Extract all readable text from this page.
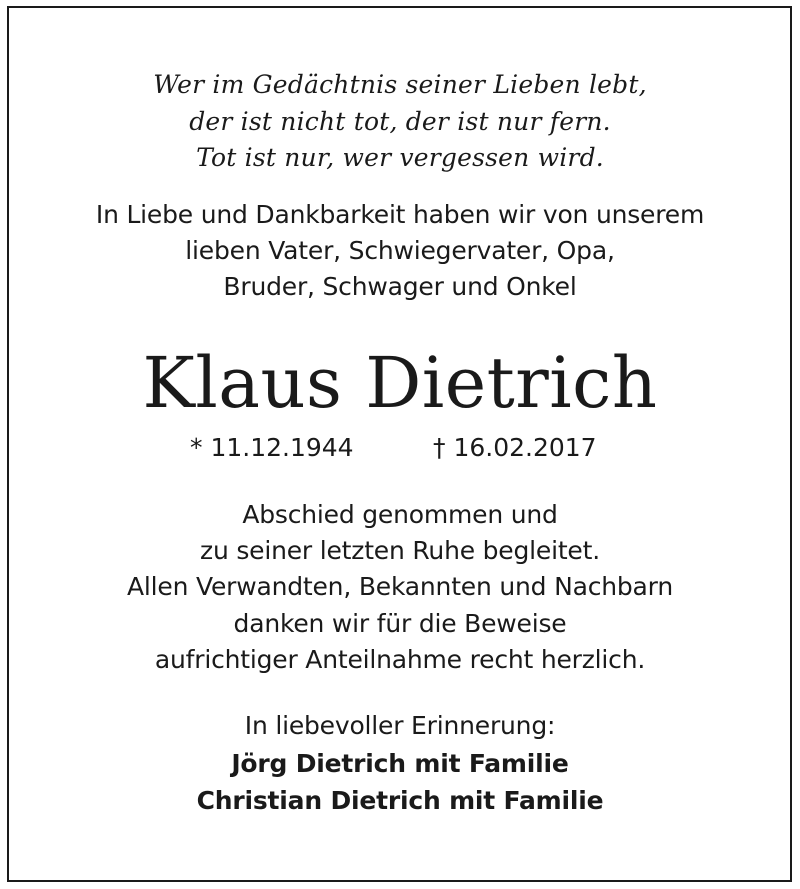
Wer im Gedächtnis seiner Lieben lebt,
der ist nicht tot, der ist nur fern.
Tot ist nur, wer vergessen wird.
In Liebe und Dankbarkeit haben wir von unserem
lieben Vater, Schwiegervater, Opa,
Bruder, Schwager und Onkel
Klaus Dietrich
* 11.12.1944	† 16.02.2017
Abschied genommen und
zu seiner letzten Ruhe begleitet.
Allen Verwandten, Bekannten und Nachbarn
danken wir für die Beweise
aufrichtiger Anteilnahme recht herzlich.
In liebevoller Erinnerung:
Jörg Dietrich mit Familie
Christian Dietrich mit Familie
